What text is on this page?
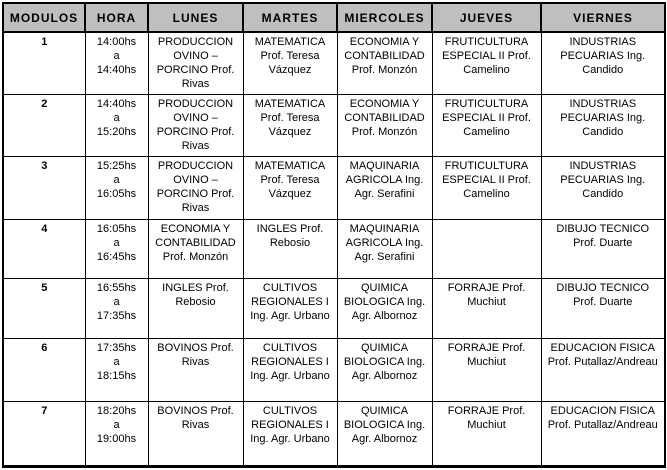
MODULOS	HORA	LUNES	MARTES	MIERCOLES	JUEVES	VIERNES
1	14:00hs
a
14:40hs	PRODUCCION OVINO – PORCINO Prof. Rivas	MATEMATICA Prof. Teresa Vázquez	ECONOMIA Y CONTABILIDAD Prof. Monzón	FRUTICULTURA ESPECIAL II Prof. Camelino	INDUSTRIAS PECUARIAS Ing. Candido
2	14:40hs
a
15:20hs	PRODUCCION OVINO – PORCINO Prof. Rivas	MATEMATICA Prof. Teresa Vázquez	ECONOMIA Y CONTABILIDAD Prof. Monzón	FRUTICULTURA ESPECIAL II Prof. Camelino	INDUSTRIAS PECUARIAS Ing. Candido
3	15:25hs
a
16:05hs	PRODUCCION OVINO – PORCINO Prof. Rivas	MATEMATICA Prof. Teresa Vázquez	MAQUINARIA AGRICOLA Ing. Agr. Serafini	FRUTICULTURA ESPECIAL II Prof. Camelino	INDUSTRIAS PECUARIAS Ing. Candido
4	16:05hs
a
16:45hs	ECONOMIA Y CONTABILIDAD Prof. Monzón	INGLES Prof. Rebosio	MAQUINARIA AGRICOLA Ing. Agr. Serafini		DIBUJO TECNICO Prof. Duarte
5	16:55hs
a
17:35hs	INGLES Prof. Rebosio	CULTIVOS REGIONALES I Ing. Agr. Urbano	QUIMICA BIOLOGICA Ing. Agr. Albornoz	FORRAJE Prof. Muchiut	DIBUJO TECNICO Prof. Duarte
6	17:35hs
a
18:15hs	BOVINOS Prof. Rivas	CULTIVOS REGIONALES I Ing. Agr. Urbano	QUIMICA BIOLOGICA Ing. Agr. Albornoz	FORRAJE Prof. Muchiut	EDUCACION FISICA Prof. Putallaz/Andreau
7	18:20hs
a
19:00hs	BOVINOS Prof. Rivas	CULTIVOS REGIONALES I Ing. Agr. Urbano	QUIMICA BIOLOGICA Ing. Agr. Albornoz	FORRAJE Prof. Muchiut	EDUCACION FISICA Prof. Putallaz/Andreau
